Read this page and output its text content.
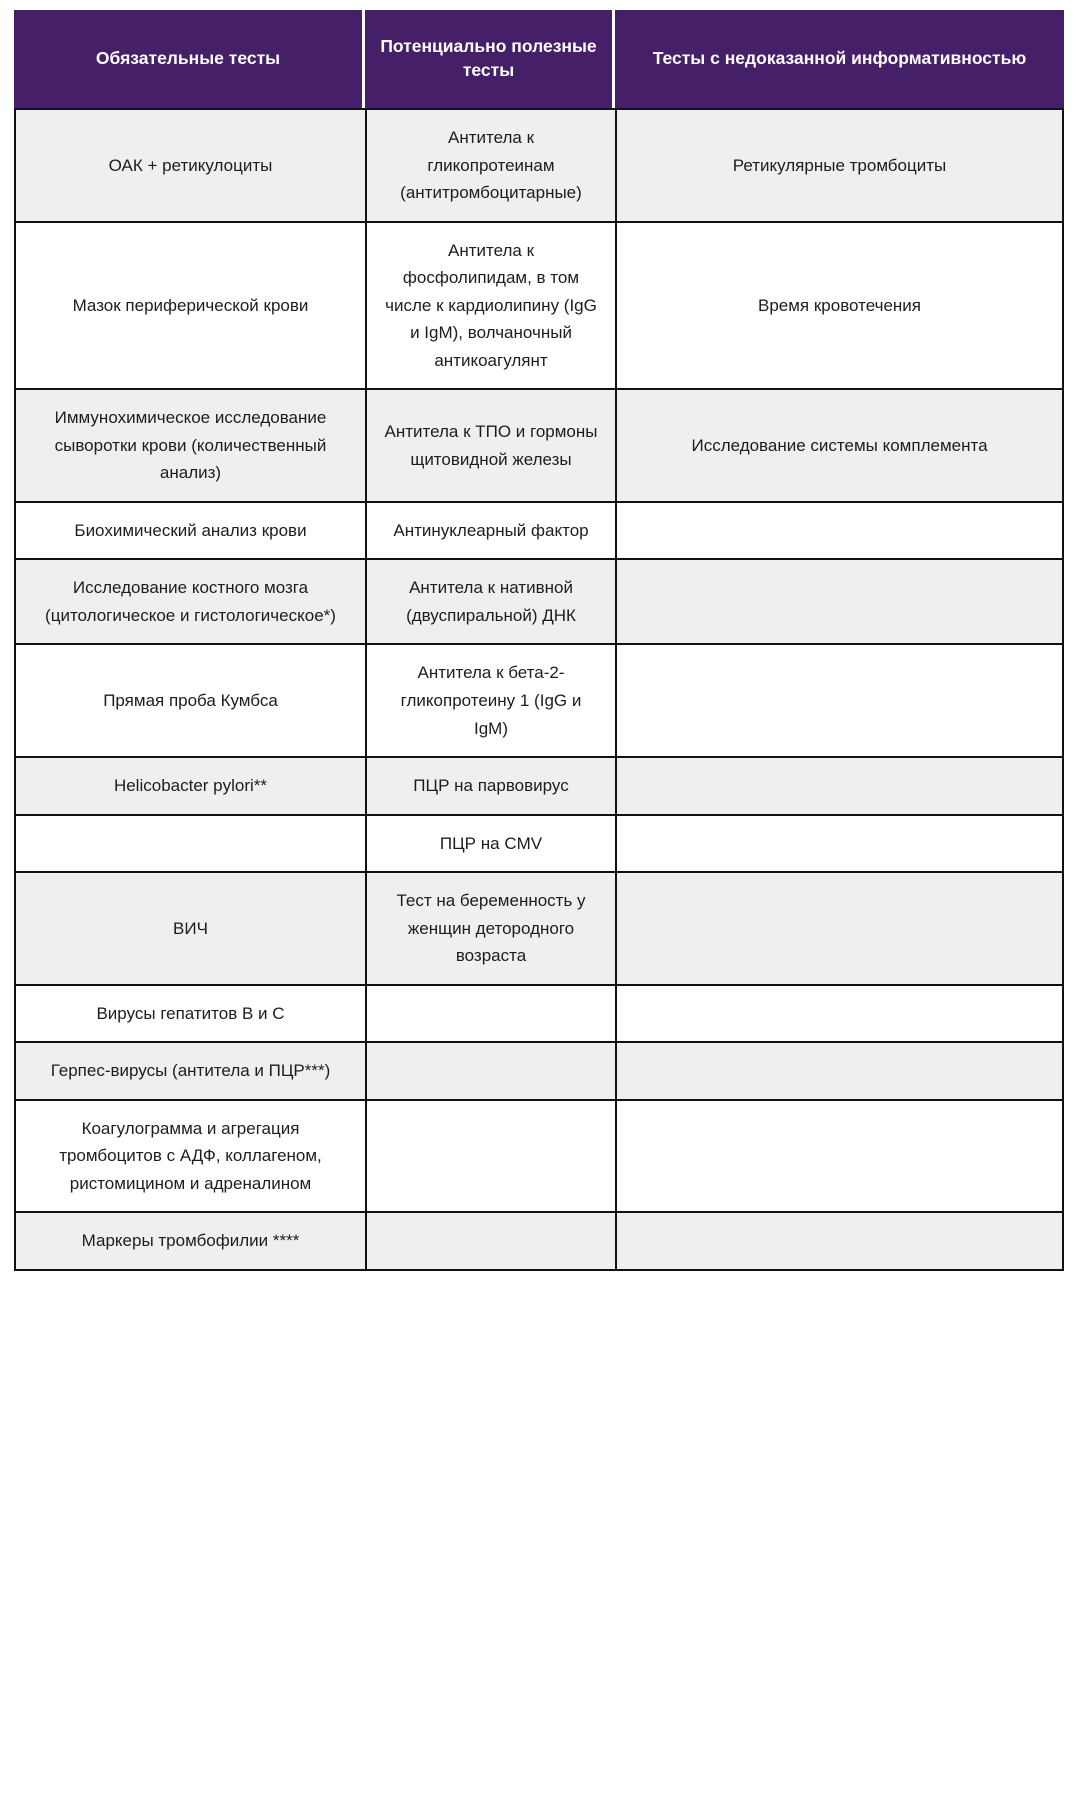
Обязательные тесты	Потенциально полезные тесты	Тесты с недоказанной информативностью
ОАК + ретикулоциты	Антитела к гликопротеинам (антитромбоцитарные)	Ретикулярные тромбоциты
Мазок периферической крови	Антитела к фосфолипидам, в том числе к кардиолипину (IgG и IgM), волчаночный антикоагулянт	Время кровотечения
Иммунохимическое исследование сыворотки крови (количественный анализ)	Антитела к ТПО и гормоны щитовидной железы	Исследование системы комплемента
Биохимический анализ крови	Антинуклеарный фактор	
Исследование костного мозга (цитологическое и гистологическое*)	Антитела к нативной (двуспиральной) ДНК	
Прямая проба Кумбса	Антитела к бета-2-гликопротеину 1 (IgG и IgM)	
Helicobacter pylori**	ПЦР на парвовирус	
	ПЦР на CMV	
ВИЧ	Тест на беременность у женщин детородного возраста	
Вирусы гепатитов B и C		
Герпес-вирусы (антитела и ПЦР***)		
Коагулограмма и агрегация тромбоцитов с АДФ, коллагеном, ристомицином и адреналином		
Маркеры тромбофилии ****		
